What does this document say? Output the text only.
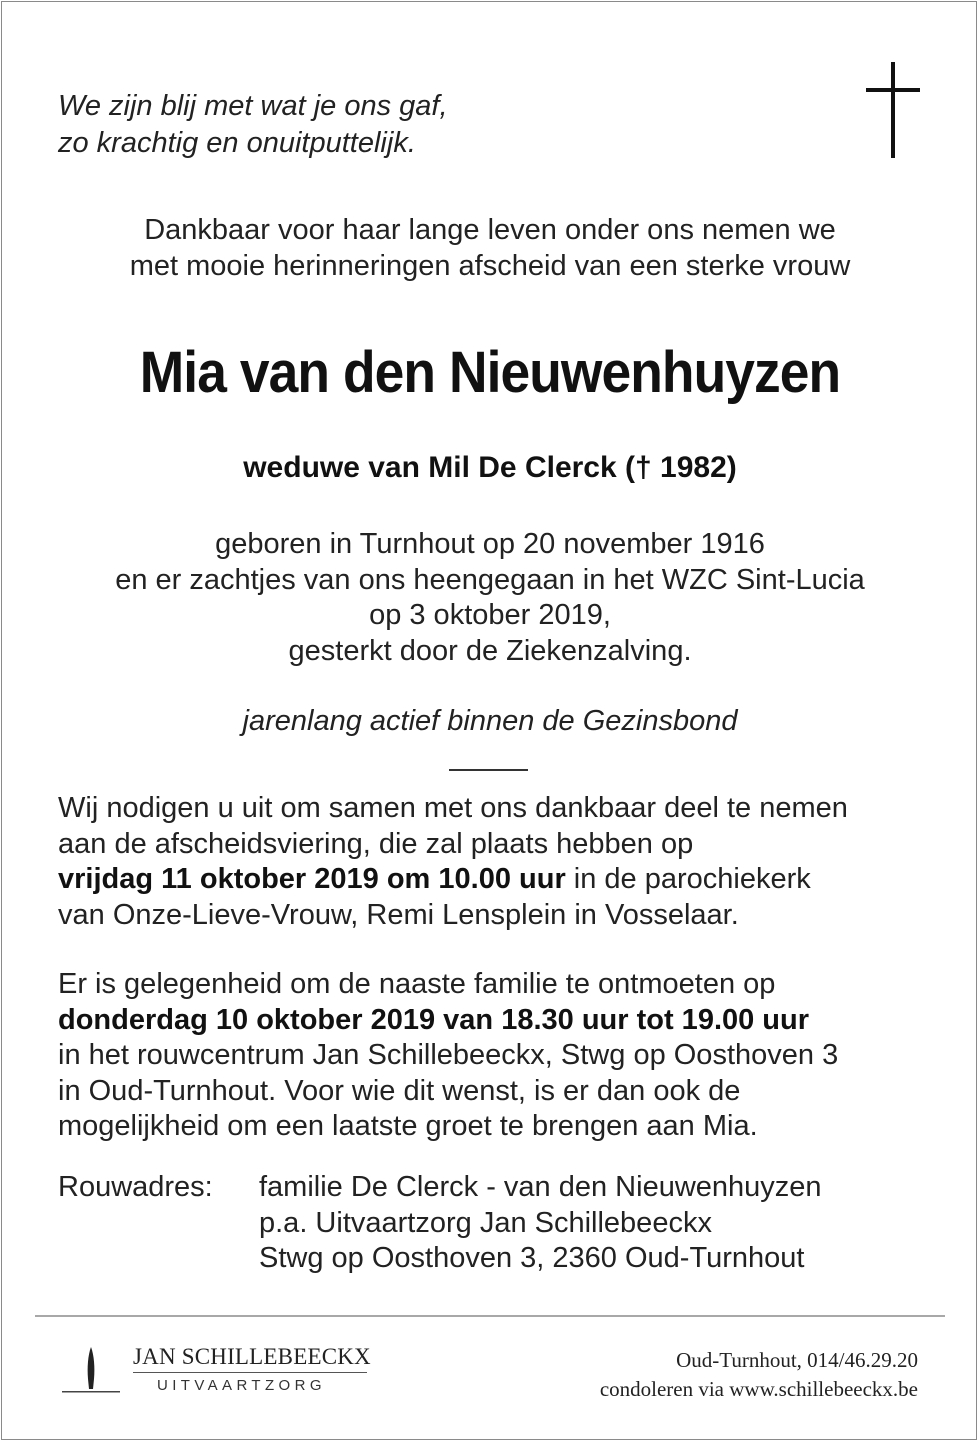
We zijn blij met wat je ons gaf,
zo krachtig en onuitputtelijk.
Dankbaar voor haar lange leven onder ons nemen we
met mooie herinneringen afscheid van een sterke vrouw
Mia van den Nieuwenhuyzen
weduwe van Mil De Clerck († 1982)
geboren in Turnhout op 20 november 1916
en er zachtjes van ons heengegaan in het WZC Sint-Lucia
op 3 oktober 2019,
gesterkt door de Ziekenzalving.
jarenlang actief binnen de Gezinsbond
Wij nodigen u uit om samen met ons dankbaar deel te nemen
aan de afscheidsviering, die zal plaats hebben op
vrijdag 11 oktober 2019 om 10.00 uur in de parochiekerk
van Onze-Lieve-Vrouw, Remi Lensplein in Vosselaar.
Er is gelegenheid om de naaste familie te ontmoeten op
donderdag 10 oktober 2019 van 18.30 uur tot 19.00 uur
in het rouwcentrum Jan Schillebeeckx, Stwg op Oosthoven 3
in Oud-Turnhout. Voor wie dit wenst, is er dan ook de
mogelijkheid om een laatste groet te brengen aan Mia.
Rouwadres: familie De Clerck - van den Nieuwenhuyzen
p.a. Uitvaartzorg Jan Schillebeeckx
Stwg op Oosthoven 3, 2360 Oud-Turnhout
JAN SCHILLEBEECKX
UITVAARTZORG
Oud-Turnhout, 014/46.29.20
condoleren via www.schillebeeckx.be
